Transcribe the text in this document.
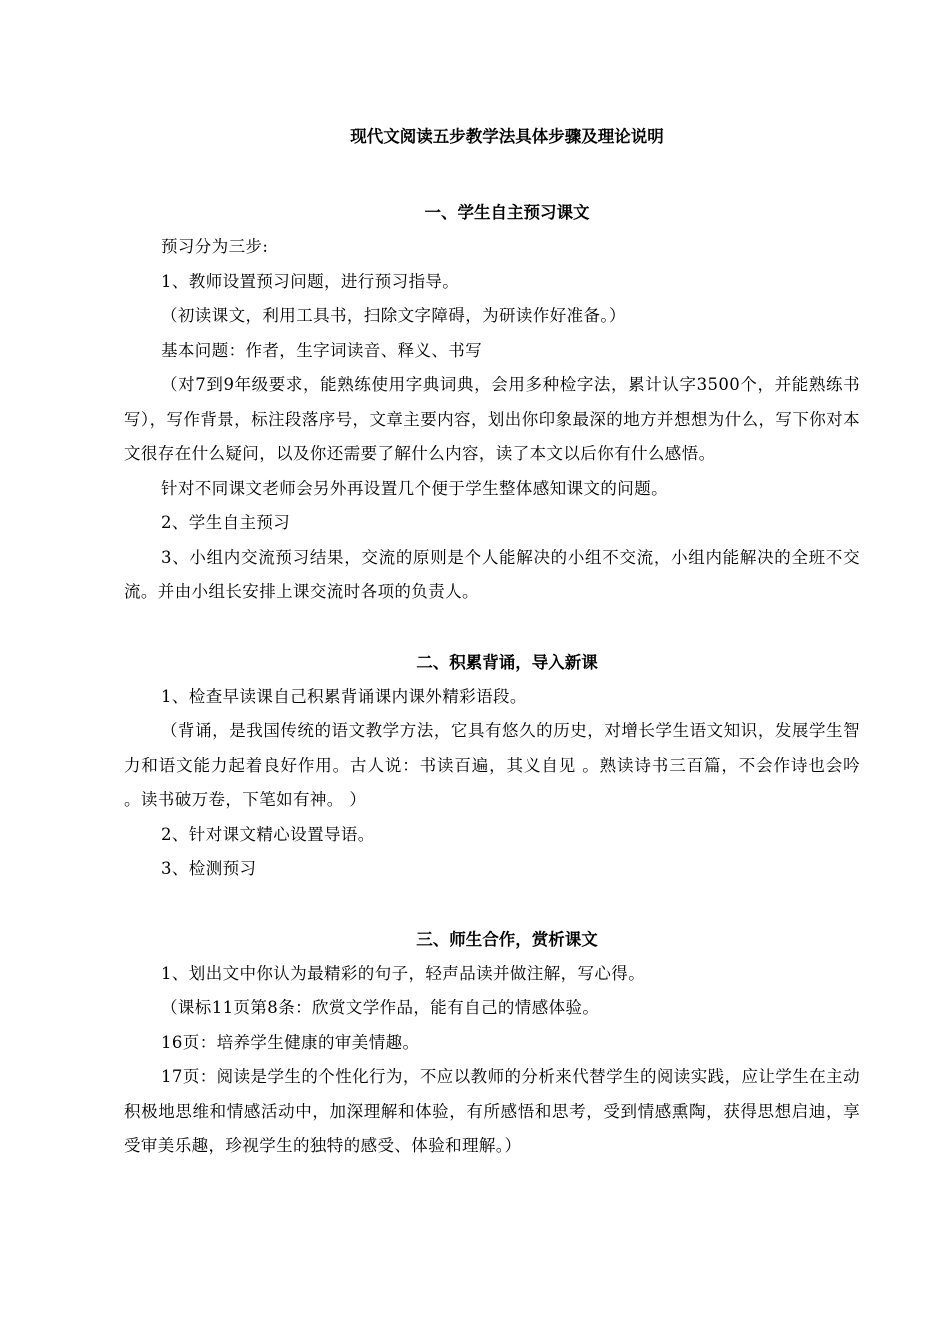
现代文阅读五步教学法具体步骤及理论说明
一、学生自主预习课文

预习分为三步:

1、教师设置预习问题，进行预习指导。

（初读课文，利用工具书，扫除文字障碍，为研读作好准备。）

基本问题：作者，生字词读音、释义、书写

（对7到9年级要求，能熟练使用字典词典，会用多种检字法，累计认字3500个，并能熟练书写），写作背景，标注段落序号，文章主要内容，划出你印象最深的地方并想想为什么，写下你对本文很存在什么疑问，以及你还需要了解什么内容，读了本文以后你有什么感悟。

针对不同课文老师会另外再设置几个便于学生整体感知课文的问题。

2、学生自主预习

3、小组内交流预习结果，交流的原则是个人能解决的小组不交流，小组内能解决的全班不交流。并由小组长安排上课交流时各项的负责人。

二、积累背诵，导入新课

1、检查早读课自己积累背诵课内课外精彩语段。

（背诵，是我国传统的语文教学方法，它具有悠久的历史，对增长学生语文知识，发展学生智力和语文能力起着良好作用。古人说：书读百遍，其义自见 。熟读诗书三百篇，不会作诗也会吟 。读书破万卷，下笔如有神。 ）

2、针对课文精心设置导语。

3、检测预习

三、师生合作，赏析课文

1、划出文中你认为最精彩的句子，轻声品读并做注解，写心得。

（课标11页第8条：欣赏文学作品，能有自己的情感体验。

16页：培养学生健康的审美情趣。

17页：阅读是学生的个性化行为，不应以教师的分析来代替学生的阅读实践，应让学生在主动积极地思维和情感活动中，加深理解和体验，有所感悟和思考，受到情感熏陶，获得思想启迪，享受审美乐趣，珍视学生的独特的感受、体验和理解。）
